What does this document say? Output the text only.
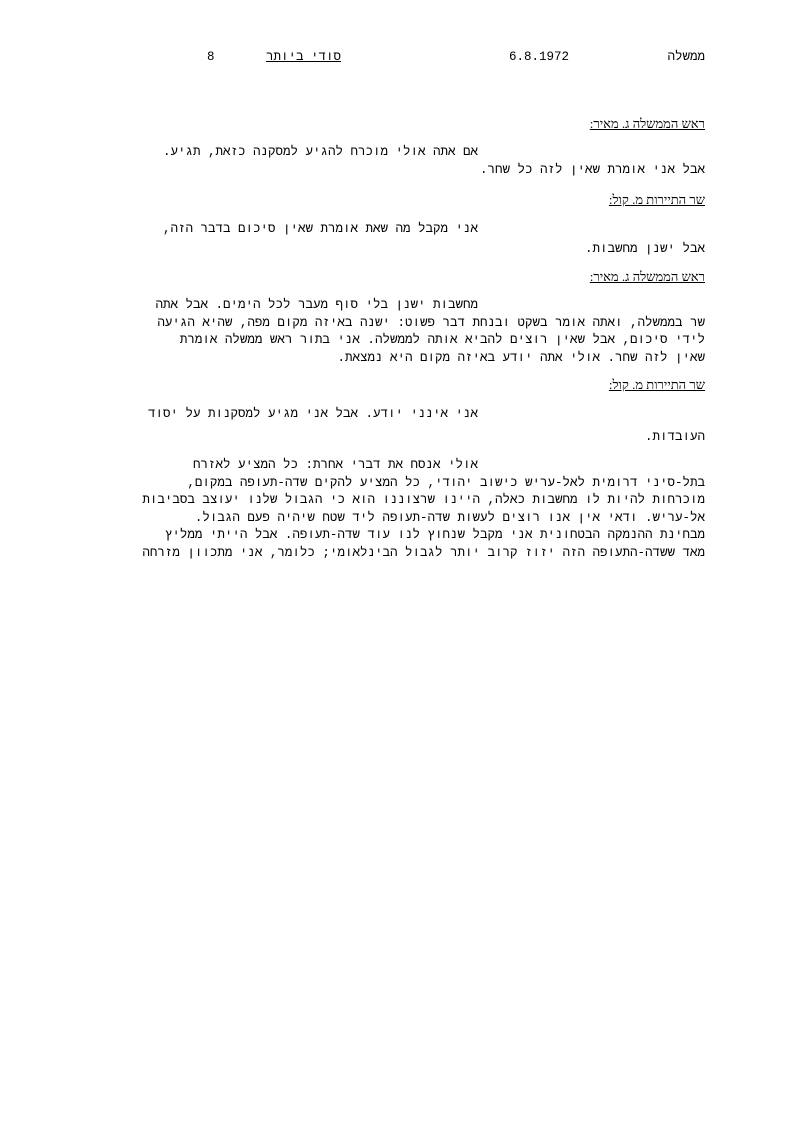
8	סודי ביותר	6.8.1972	ממשלה
ראש הממשלה ג. מאיר:
אם אתה אולי מוכרח להגיע למסקנה כזאת, תגיע.
אבל אני אומרת שאין לזה כל שחר.
שר התיירות מ. קול:
אני מקבל מה שאת אומרת שאין סיכום בדבר הזה,
אבל ישנן מחשבות.
ראש הממשלה ג. מאיר:
מחשבות ישנן בלי סוף מעבר לכל הימים. אבל אתה
שר בממשלה, ואתה אומר בשקט ובנחת דבר פשוט: ישנה באיזה מקום מפה, שהיא הגיעה
לידי סיכום, אבל שאין רוצים להביא אותה לממשלה. אני בתור ראש ממשלה אומרת
שאין לזה שחר. אולי אתה יודע באיזה מקום היא נמצאת.
שר התיירות מ. קול:
אני אינני יודע. אבל אני מגיע למסקנות על יסוד
העובדות.
אולי אנסח את דברי אחרת: כל המציע לאזרח
בתל-סיני דרומית לאל-עריש כישוב יהודי, כל המציע להקים שדה-תעופה במקום,
מוכרחות להיות לו מחשבות כאלה, היינו שרצוננו הוא כי הגבול שלנו יעוצב בסביבות
אל-עריש. ודאי אין אנו רוצים לעשות שדה-תעופה ליד שטח שיהיה פעם הגבול.
מבחינת ההנמקה הבטחונית אני מקבל שנחוץ לנו עוד שדה-תעופה. אבל הייתי ממליץ
מאד ששדה-התעופה הזה יזוז קרוב יותר לגבול הבינלאומי; כלומר, אני מתכוון מזרחה
